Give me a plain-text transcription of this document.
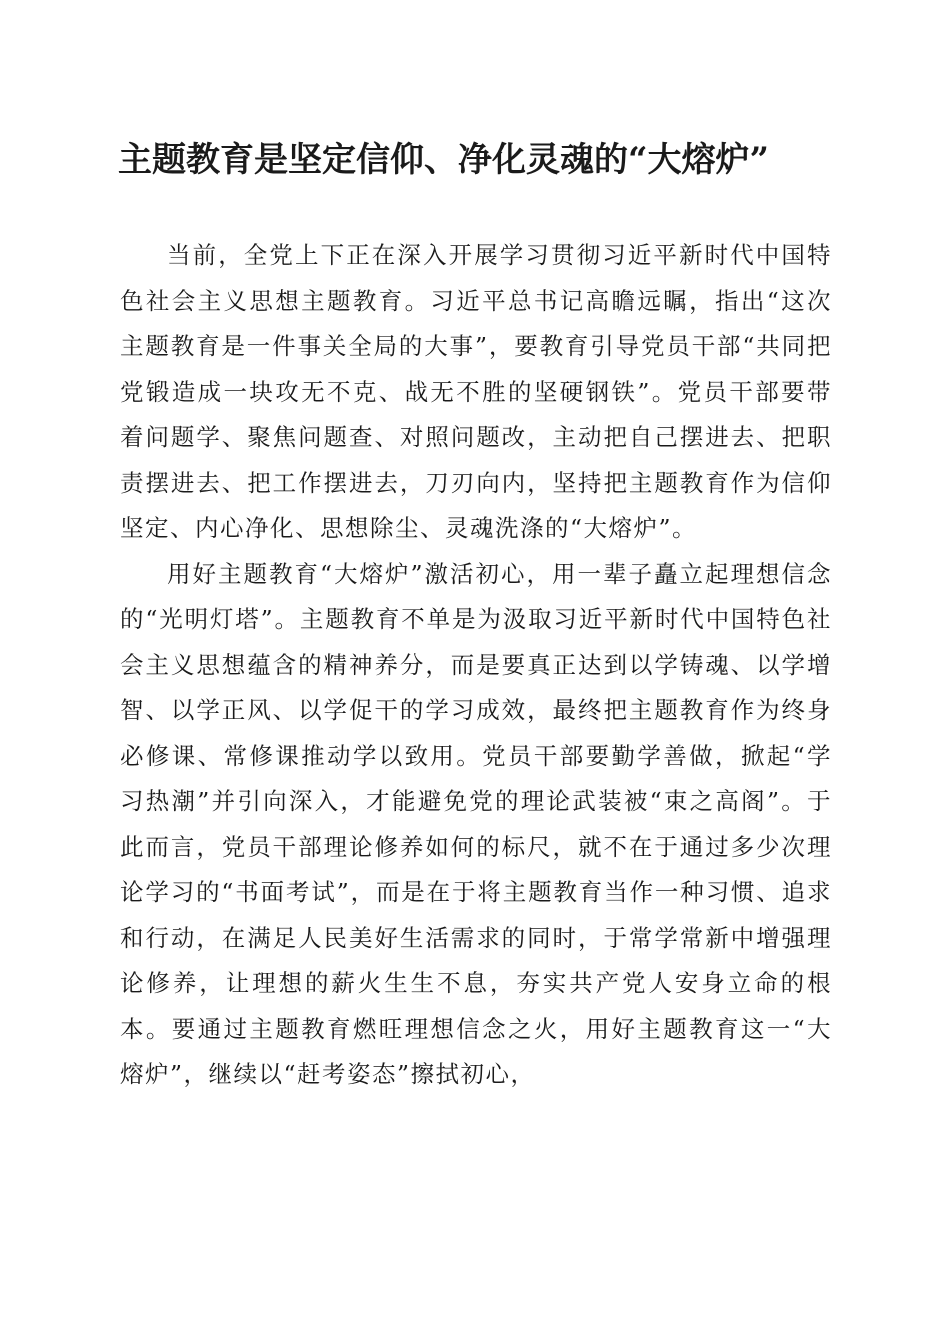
主题教育是坚定信仰、净化灵魂的“大熔炉”

当前，全党上下正在深入开展学习贯彻习近平新时代中国特色社会主义思想主题教育。习近平总书记高瞻远瞩，指出“这次主题教育是一件事关全局的大事”，要教育引导党员干部“共同把党锻造成一块攻无不克、战无不胜的坚硬钢铁”。党员干部要带着问题学、聚焦问题查、对照问题改，主动把自己摆进去、把职责摆进去、把工作摆进去，刀刃向内，坚持把主题教育作为信仰坚定、内心净化、思想除尘、灵魂洗涤的“大熔炉”。

用好主题教育“大熔炉”激活初心，用一辈子矗立起理想信念的“光明灯塔”。主题教育不单是为汲取习近平新时代中国特色社会主义思想蕴含的精神养分，而是要真正达到以学铸魂、以学增智、以学正风、以学促干的学习成效，最终把主题教育作为终身必修课、常修课推动学以致用。党员干部要勤学善做，掀起“学习热潮”并引向深入，才能避免党的理论武装被“束之高阁”。于此而言，党员干部理论修养如何的标尺，就不在于通过多少次理论学习的“书面考试”，而是在于将主题教育当作一种习惯、追求和行动，在满足人民美好生活需求的同时，于常学常新中增强理论修养，让理想的薪火生生不息，夯实共产党人安身立命的根本。要通过主题教育燃旺理想信念之火，用好主题教育这一“大熔炉”，继续以“赶考姿态”擦拭初心，
